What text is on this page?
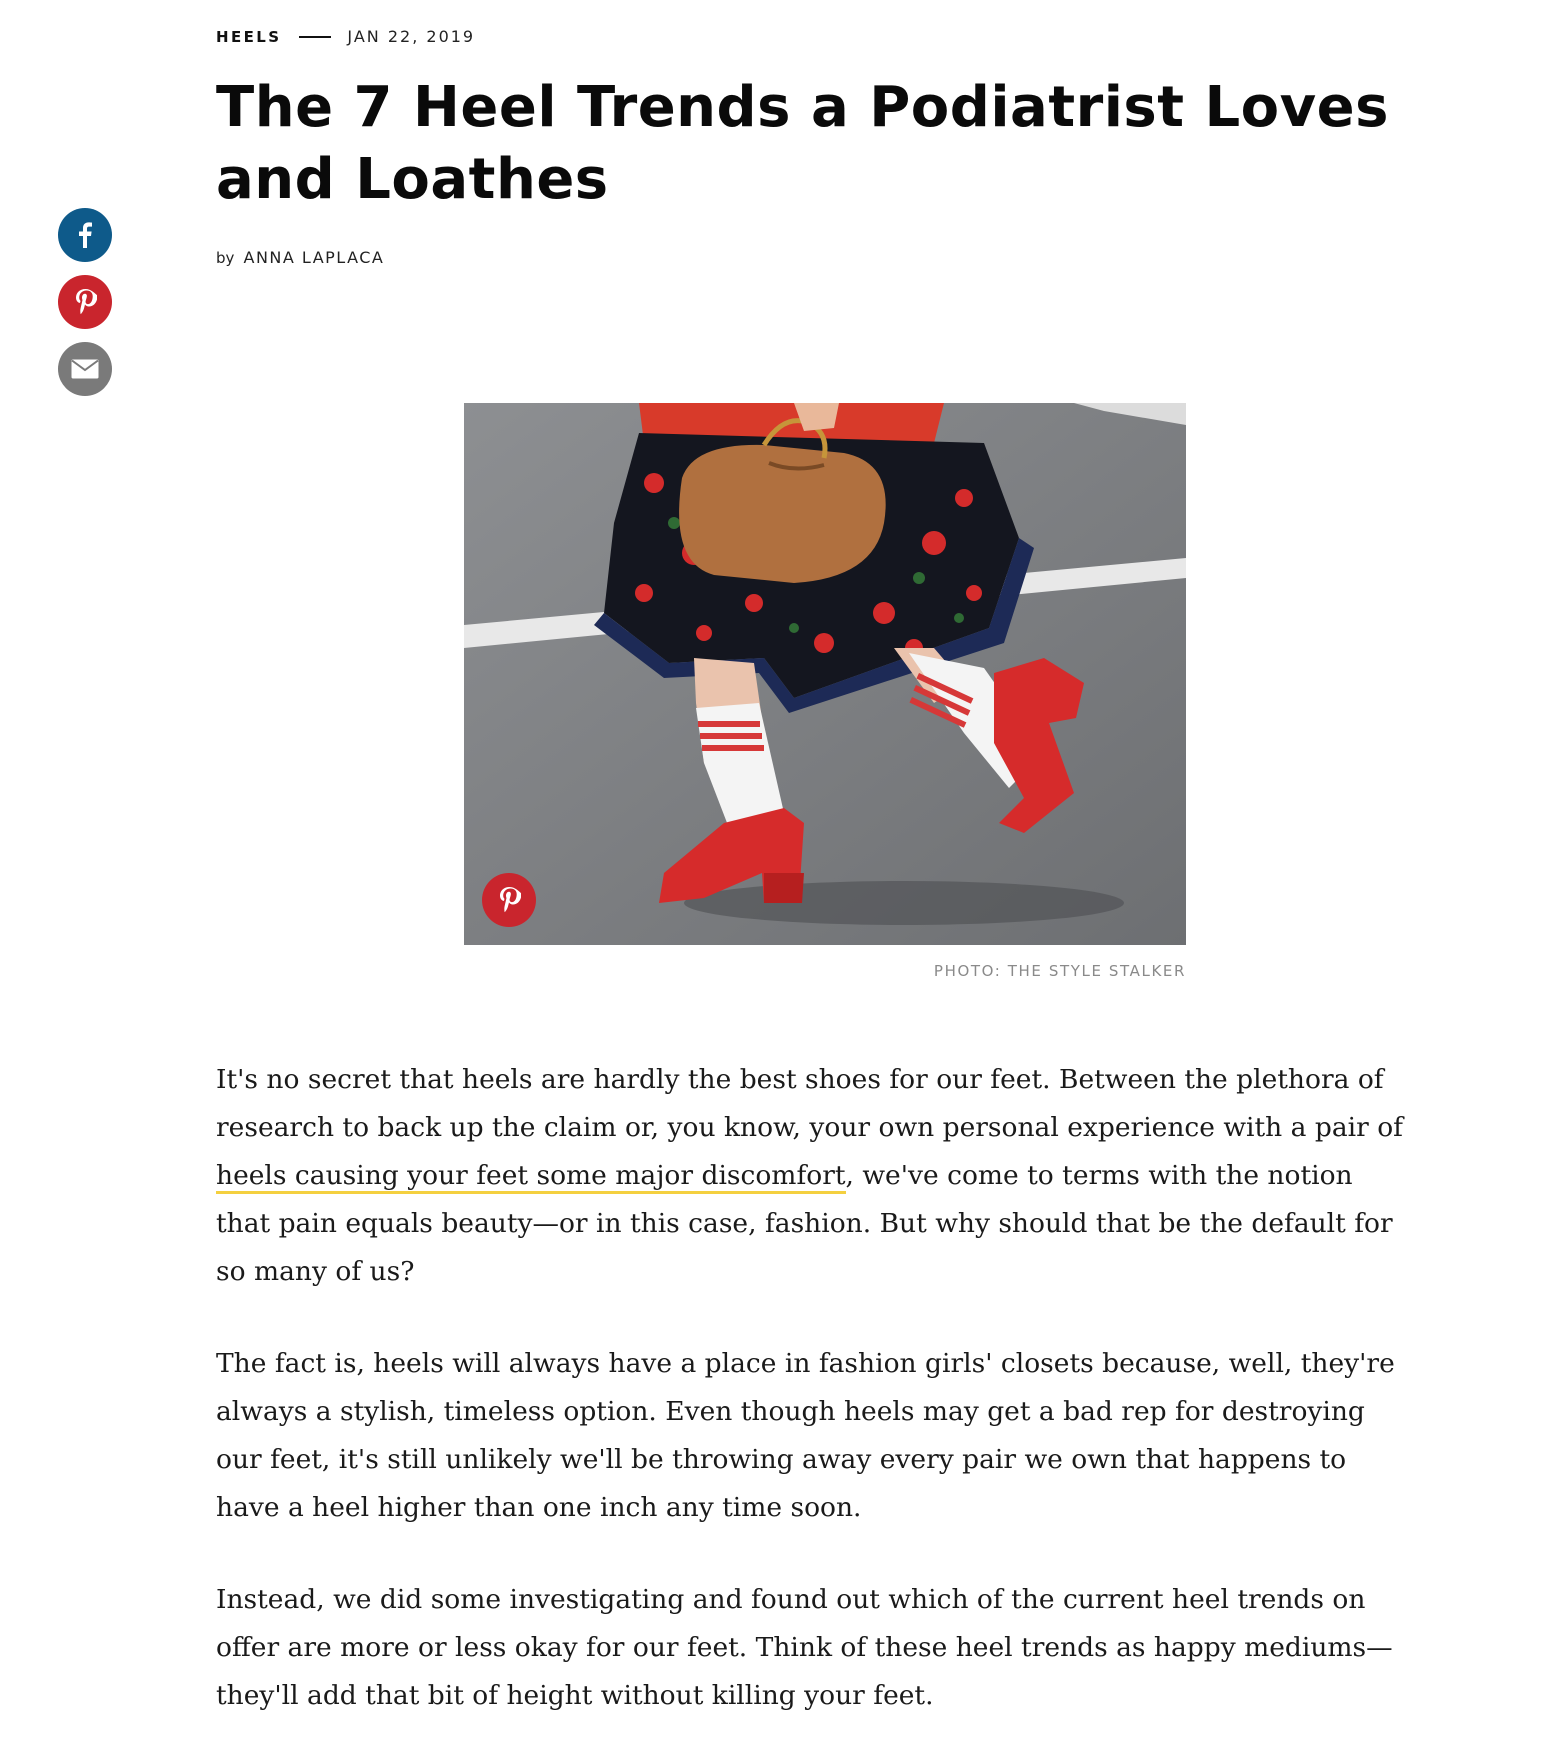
HEELS	JAN 22, 2019
The 7 Heel Trends a Podiatrist Loves and Loathes
by ANNA LAPLACA
PHOTO: THE STYLE STALKER

It's no secret that heels are hardly the best shoes for our feet. Between the plethora of research to back up the claim or, you know, your own personal experience with a pair of heels causing your feet some major discomfort, we've come to terms with the notion that pain equals beauty—or in this case, fashion. But why should that be the default for so many of us?

The fact is, heels will always have a place in fashion girls' closets because, well, they're always a stylish, timeless option. Even though heels may get a bad rep for destroying our feet, it's still unlikely we'll be throwing away every pair we own that happens to have a heel higher than one inch any time soon.

Instead, we did some investigating and found out which of the current heel trends on offer are more or less okay for our feet. Think of these heel trends as happy mediums—they'll add that bit of height without killing your feet.
